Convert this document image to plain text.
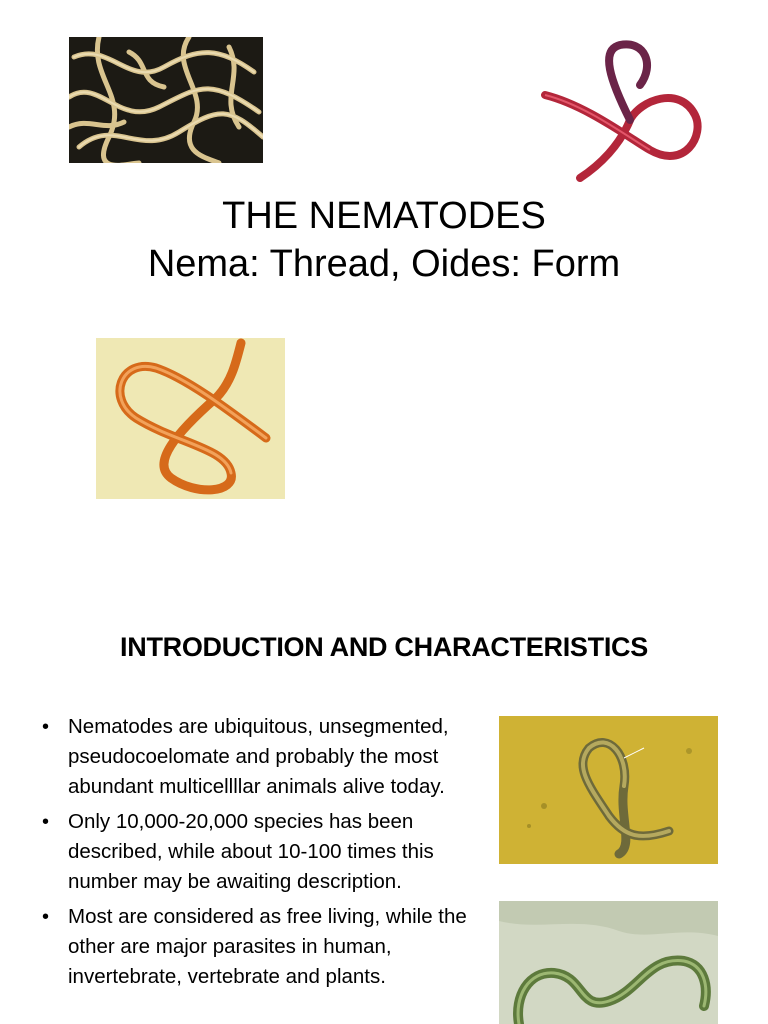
THE NEMATODES
Nema: Thread, Oides: Form
INTRODUCTION AND CHARACTERISTICS
• Nematodes are ubiquitous, unsegmented, pseudocoelomate and probably the most abundant multicellllar animals alive today.
• Only 10,000-20,000 species has been described, while about 10-100 times this number may be awaiting description.
• Most are considered as free living, while the other are major parasites in human, invertebrate, vertebrate and plants.
